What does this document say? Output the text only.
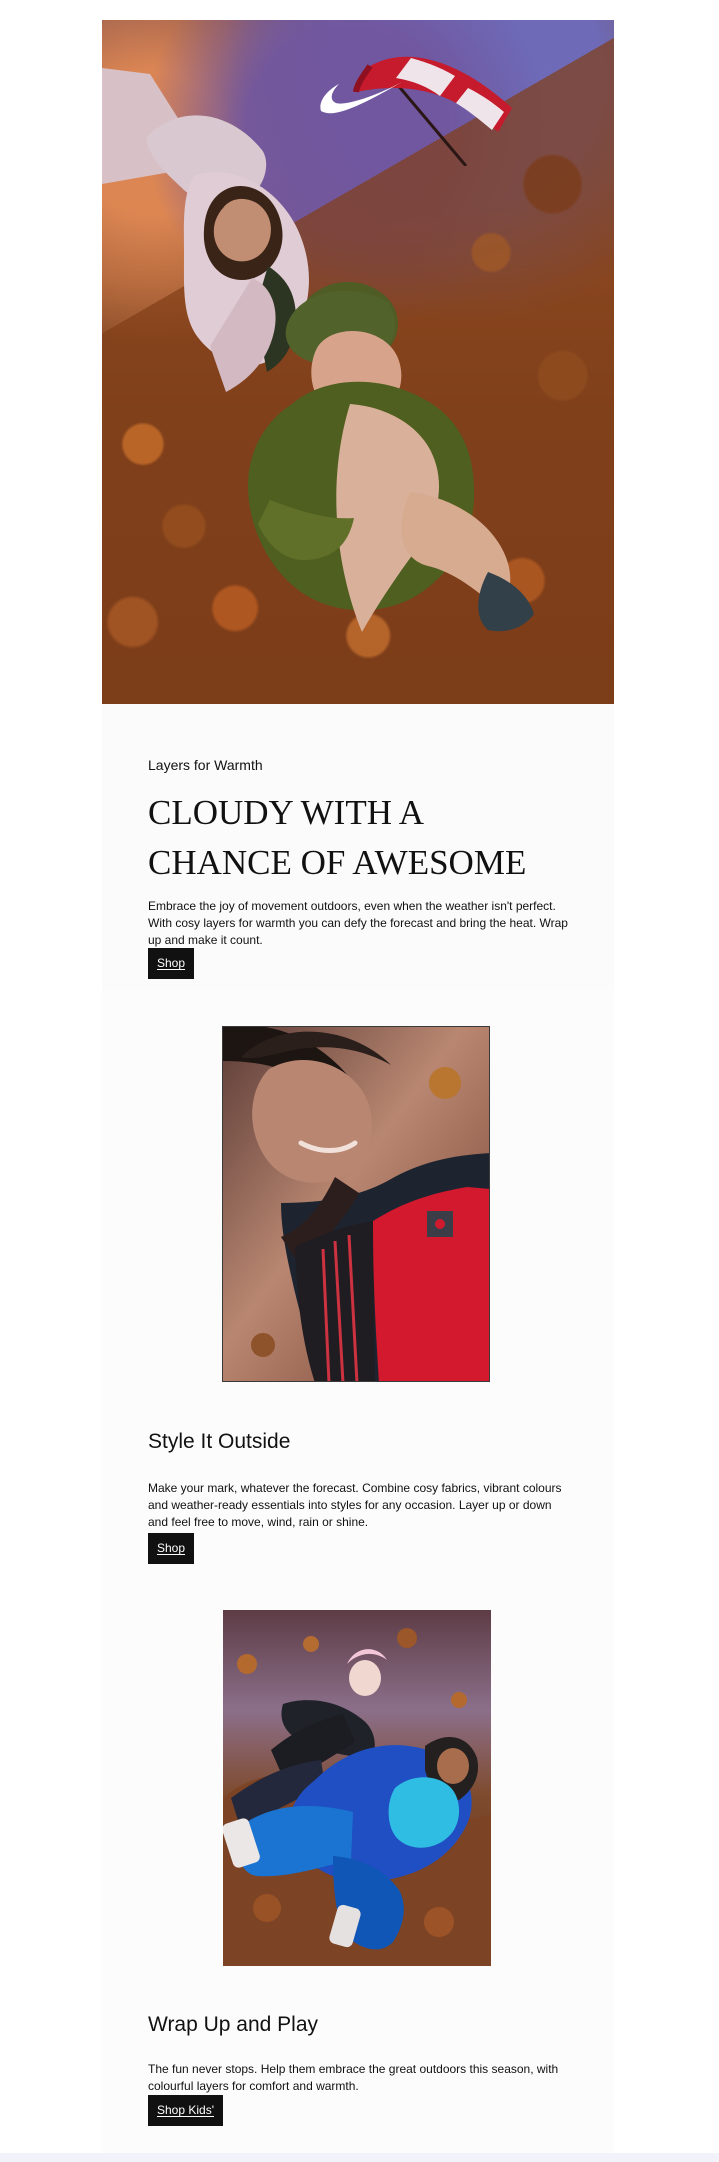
Layers for Warmth
CLOUDY WITH A CHANCE OF AWESOME

Embrace the joy of movement outdoors, even when the weather isn't perfect. With cosy layers for warmth you can defy the forecast and bring the heat. Wrap up and make it count.

Shop
Style It Outside

Make your mark, whatever the forecast. Combine cosy fabrics, vibrant colours and weather-ready essentials into styles for any occasion. Layer up or down and feel free to move, wind, rain or shine.

Shop
Wrap Up and Play

The fun never stops. Help them embrace the great outdoors this season, with colourful layers for comfort and warmth.

Shop Kids'
